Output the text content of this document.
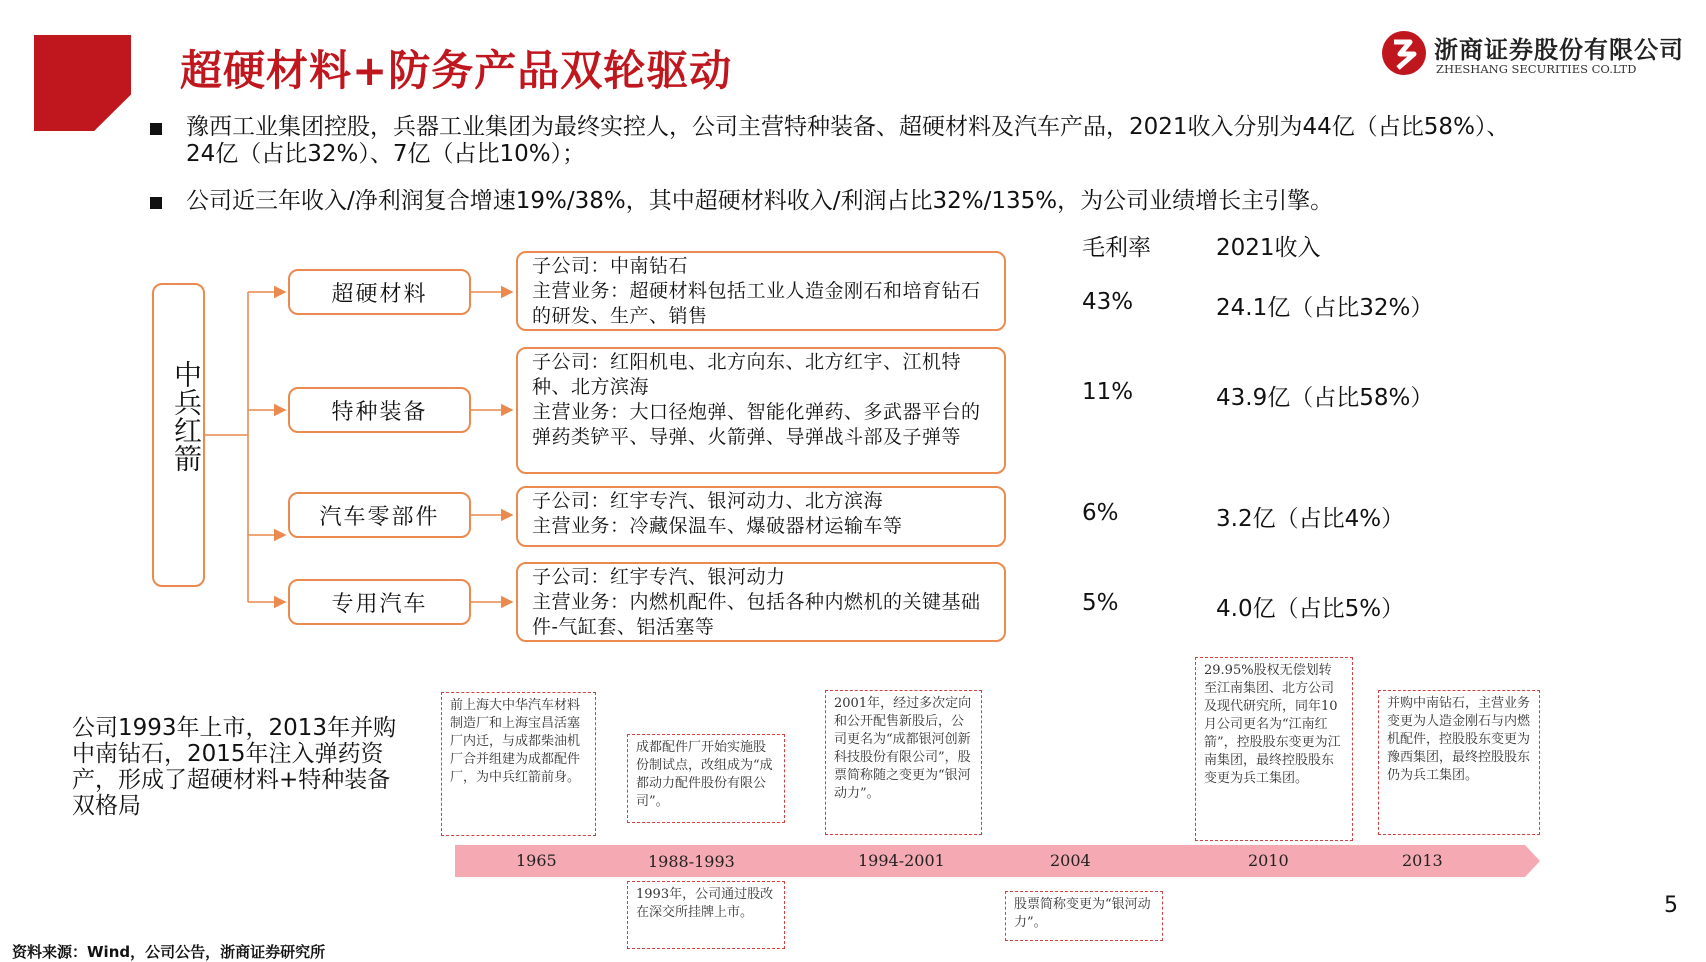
超硬材料+防务产品双轮驱动	浙商证券股份有限公司
ZHESHANG SECURITIES CO.LTD
豫西工业集团控股，兵器工业集团为最终实控人，公司主营特种装备、超硬材料及汽车产品，2021收入分别为44亿（占比58%）、24亿（占比32%）、7亿（占比10%）；
公司近三年收入/净利润复合增速19%/38%，其中超硬材料收入/利润占比32%/135%，为公司业绩增长主引擎。
中兵红箭
超硬材料
特种装备
汽车零部件
专用汽车
子公司：中南钻石
主营业务：超硬材料包括工业人造金刚石和培育钻石的研发、生产、销售
子公司：红阳机电、北方向东、北方红宇、江机特种、北方滨海
主营业务：大口径炮弹、智能化弹药、多武器平台的弹药类铲平、导弹、火箭弹、导弹战斗部及子弹等
子公司：红宇专汽、银河动力、北方滨海
主营业务：冷藏保温车、爆破器材运输车等
子公司：红宇专汽、银河动力
主营业务：内燃机配件、包括各种内燃机的关键基础件-气缸套、铝活塞等
毛利率	2021收入
43%	24.1亿（占比32%）
11%	43.9亿（占比58%）
6%	3.2亿（占比4%）
5%	4.0亿（占比5%）
公司1993年上市，2013年并购中南钻石，2015年注入弹药资产，形成了超硬材料+特种装备双格局
1965	1988-1993	1994-2001	2004	2010	2013
前上海大中华汽车材料制造厂和上海宝昌活塞厂内迁，与成都柴油机厂合并组建为成都配件厂，为中兵红箭前身。
成都配件厂开始实施股份制试点，改组成为“成都动力配件股份有限公司”。
2001年，经过多次定向和公开配售新股后，公司更名为“成都银河创新科技股份有限公司”，股票简称随之变更为“银河动力”。
29.95%股权无偿划转至江南集团、北方公司及现代研究所，同年10月公司更名为“江南红箭”，控股股东变更为江南集团，最终控股股东变更为兵工集团。
并购中南钻石，主营业务变更为人造金刚石与内燃机配件，控股股东变更为豫西集团，最终控股股东仍为兵工集团。
1993年，公司通过股改在深交所挂牌上市。
股票简称变更为“银河动力”。
资料来源：Wind，公司公告，浙商证券研究所
5
